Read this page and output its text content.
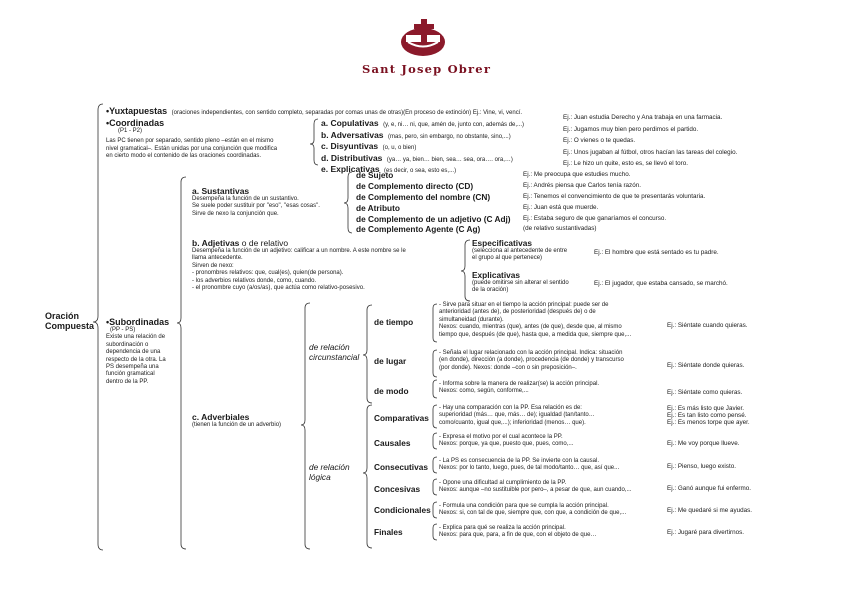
Sant Josep Obrer
Oración
Compuesta
•Yuxtapuestas (oraciones independientes, con sentido completo, separadas por comas unas de otras)(En proceso de extinción) Ej.: Vine, vi, vencí.
•Coordinadas
(P1 - P2)
Las PC tienen por separado, sentido pleno –están en el mismo
nivel gramatical–. Están unidas por una conjunción que modifica
en cierto modo el contenido de las oraciones coordinadas.
a. Copulativas (y, e, ni… ni, que, amén de, junto con, además de,...)
b. Adversativas (mas, pero, sin embargo, no obstante, sino,...)
c. Disyuntivas (o, u, o bien)
d. Distributivas (ya… ya, bien… bien, sea… sea, ora…. ora,…)
e. Explicativas (es decir, o sea, esto es,...)
Ej.: Juan estudia Derecho y Ana trabaja en una farmacia.
Ej.: Jugamos muy bien pero perdimos el partido.
Ej.: O vienes o te quedas.
Ej.: Unos jugaban al fútbol, otros hacían las tareas del colegio.
Ej.: Le hizo un quite, esto es, se llevó el toro.
•Subordinadas
(PP - PS)
Existe una relación de
subordinación o
dependencia de una
respecto de la otra. La
PS desempeña una
función gramatical
dentro de la PP.
a. Sustantivas
Desempeña la función de un sustantivo.
Se suele poder sustituir por "eso", "esas cosas".
Sirve de nexo la conjunción que.
de Sujeto
de Complemento directo (CD)
de Complemento del nombre (CN)
de Atributo
de Complemento de un adjetivo (C Adj)
de Complemento Agente (C Ag)
Ej.: Me preocupa que estudies mucho.
Ej.: Andrés piensa que Carlos tenía razón.
Ej.: Tenemos el convencimiento de que te presentarás voluntaria.
Ej.: Juan está que muerde.
Ej.: Estaba seguro de que ganaríamos el concurso.
(de relativo sustantivadas)
b. Adjetivas o de relativo
Desempeña la función de un adjetivo: calificar a un nombre. A este nombre se le
llama antecedente.
Sirven de nexo:
- pronombres relativos: que, cual(es), quien(de persona).
- los adverbios relativos donde, como, cuando.
- el pronombre cuyo (a/os/as), que actúa como relativo-posesivo.
Especificativas
(selecciona al antecedente de entre
el grupo al que pertenece)
Ej.: El hombre que está sentado es tu padre.
Explicativas
(puede omitirse sin alterar el sentido
de la oración)
Ej.: El jugador, que estaba cansado, se marchó.
c. Adverbiales
(tienen la función de un adverbio)
de relación
circunstancial
de relación
lógica
de tiempo
de lugar
de modo
Comparativas
Causales
Consecutivas
Concesivas
Condicionales
Finales
- Sirve para situar en el tiempo la acción principal: puede ser de
anterioridad (antes de), de posterioridad (después de) o de
simultaneidad (durante).
Nexos: cuando, mientras (que), antes (de que), desde que, al mismo
tiempo que, después (de que), hasta que, a medida que, siempre que,...
- Señala el lugar relacionado con la acción principal. Indica: situación
(en donde), dirección (a donde), procedencia (de donde) y transcurso
(por donde). Nexos: donde –con o sin preposición–.
- Informa sobre la manera de realizar(se) la acción principal.
Nexos: como, según, conforme,...
- Hay una comparación con la PP. Esa relación es de:
superioridad (más… que, más… de); igualdad (tan/tanto…
como/cuanto, igual que,...); inferioridad (menos… que).
- Expresa el motivo por el cual acontece la PP.
Nexos: porque, ya que, puesto que, pues, como,...
- La PS es consecuencia de la PP. Se invierte con la causal.
Nexos: por lo tanto, luego, pues, de tal modo/tanto… que, así que...
- Opone una dificultad al cumplimiento de la PP.
Nexos: aunque –no sustituible por pero–, a pesar de que, aun cuando,...
- Formula una condición para que se cumpla la acción principal.
Nexos: si, con tal de que, siempre que, con que, a condición de que,...
- Explica para qué se realiza la acción principal.
Nexos: para que, para, a fin de que, con el objeto de que…
Ej.: Siéntate cuando quieras.
Ej.: Siéntate donde quieras.
Ej.: Siéntate como quieras.
Ej.: Es más listo que Javier.
Ej.: Es tan listo como pensé.
Ej.: Es menos torpe que ayer.
Ej.: Me voy porque llueve.
Ej.: Pienso, luego existo.
Ej.: Ganó aunque fui enfermo.
Ej.: Me quedaré si me ayudas.
Ej.: Jugaré para divertirnos.
